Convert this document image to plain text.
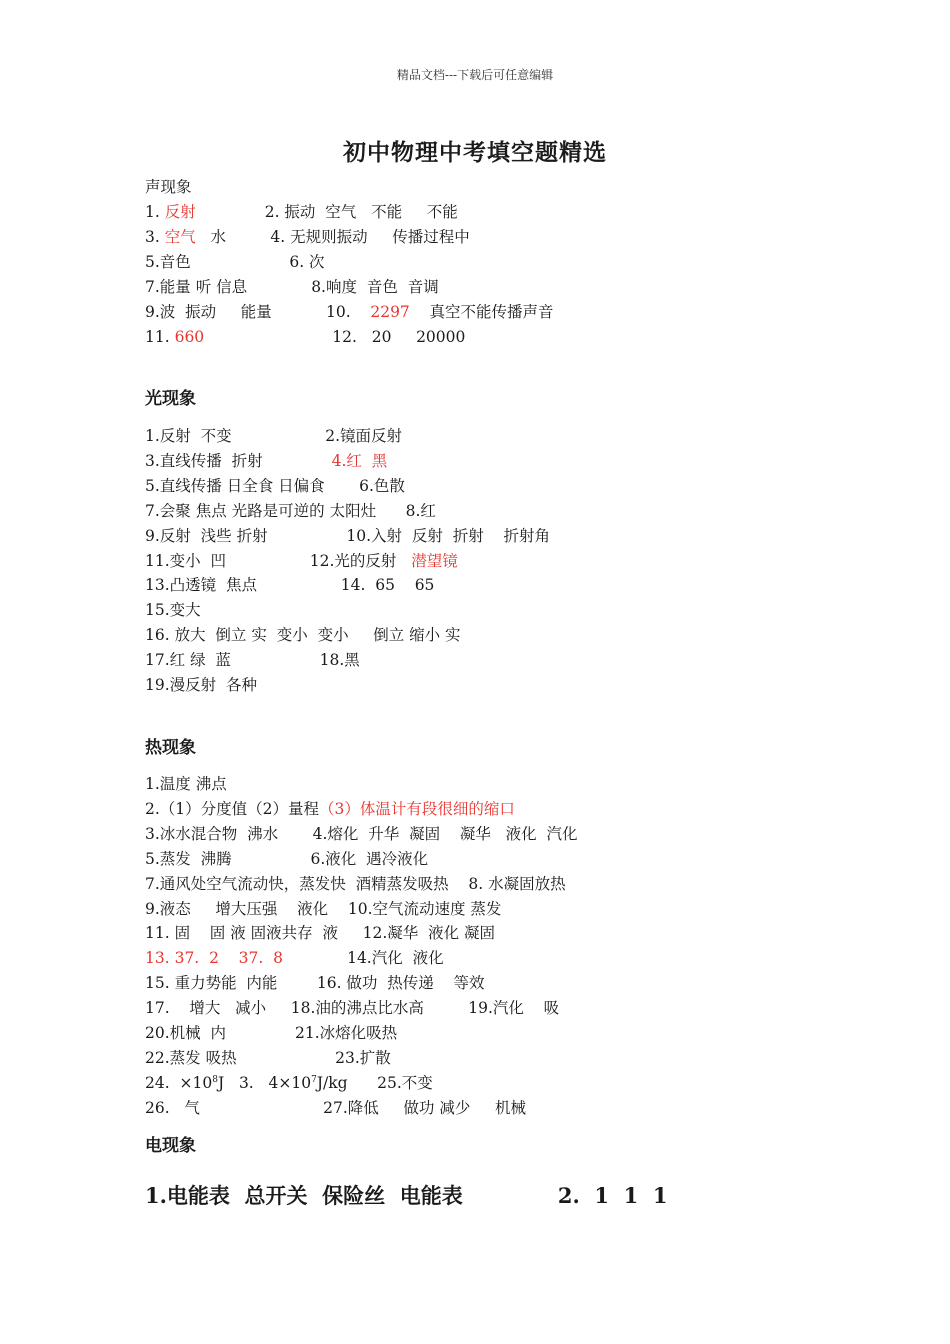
精品文档---下载后可任意编辑
初中物理中考填空题精选
声现象
光现象
热现象
电现象
1.电能表  总开关  保险丝  电能表             2.  1  1  1
1. 反射              2. 振动  空气   不能     不能
3. 空气   水         4. 无规则振动     传播过程中
5.音色                    6. 次
7.能量 听 信息             8.响度  音色  音调
9.波  振动     能量           10.    2297    真空不能传播声音
11. 660                          12.   20     20000
1.反射  不变                   2.镜面反射
3.直线传播  折射              4.红  黑
5.直线传播 日全食 日偏食       6.色散
7.会聚 焦点 光路是可逆的 太阳灶      8.红
9.反射  浅些 折射                10.入射  反射  折射    折射角
11.变小  凹                 12.光的反射   潜望镜
13.凸透镜  焦点                 14.  65    65
15.变大
16. 放大  倒立 实  变小  变小     倒立 缩小 实
17.红 绿  蓝                  18.黑
19.漫反射  各种
1.温度 沸点
2.（1）分度值（2）量程（3）体温计有段很细的缩口
3.冰水混合物  沸水       4.熔化  升华  凝固    凝华   液化  汽化
5.蒸发  沸腾                6.液化  遇冷液化
7.通风处空气流动快，蒸发快  酒精蒸发吸热    8. 水凝固放热
9.液态     增大压强    液化    10.空气流动速度 蒸发
11. 固    固 液 固液共存  液     12.凝华  液化 凝固
13. 37.  2    37.  8             14.汽化  液化
15. 重力势能  内能        16. 做功  热传递    等效
17.    增大   减小     18.油的沸点比水高         19.汽化    吸
20.机械  内              21.冰熔化吸热
22.蒸发 吸热                    23.扩散
24.  $\times 10^8J$   3.   $4\times 10^7J/kg$      25.不变
26.   气                         27.降低     做功 减少     机械
